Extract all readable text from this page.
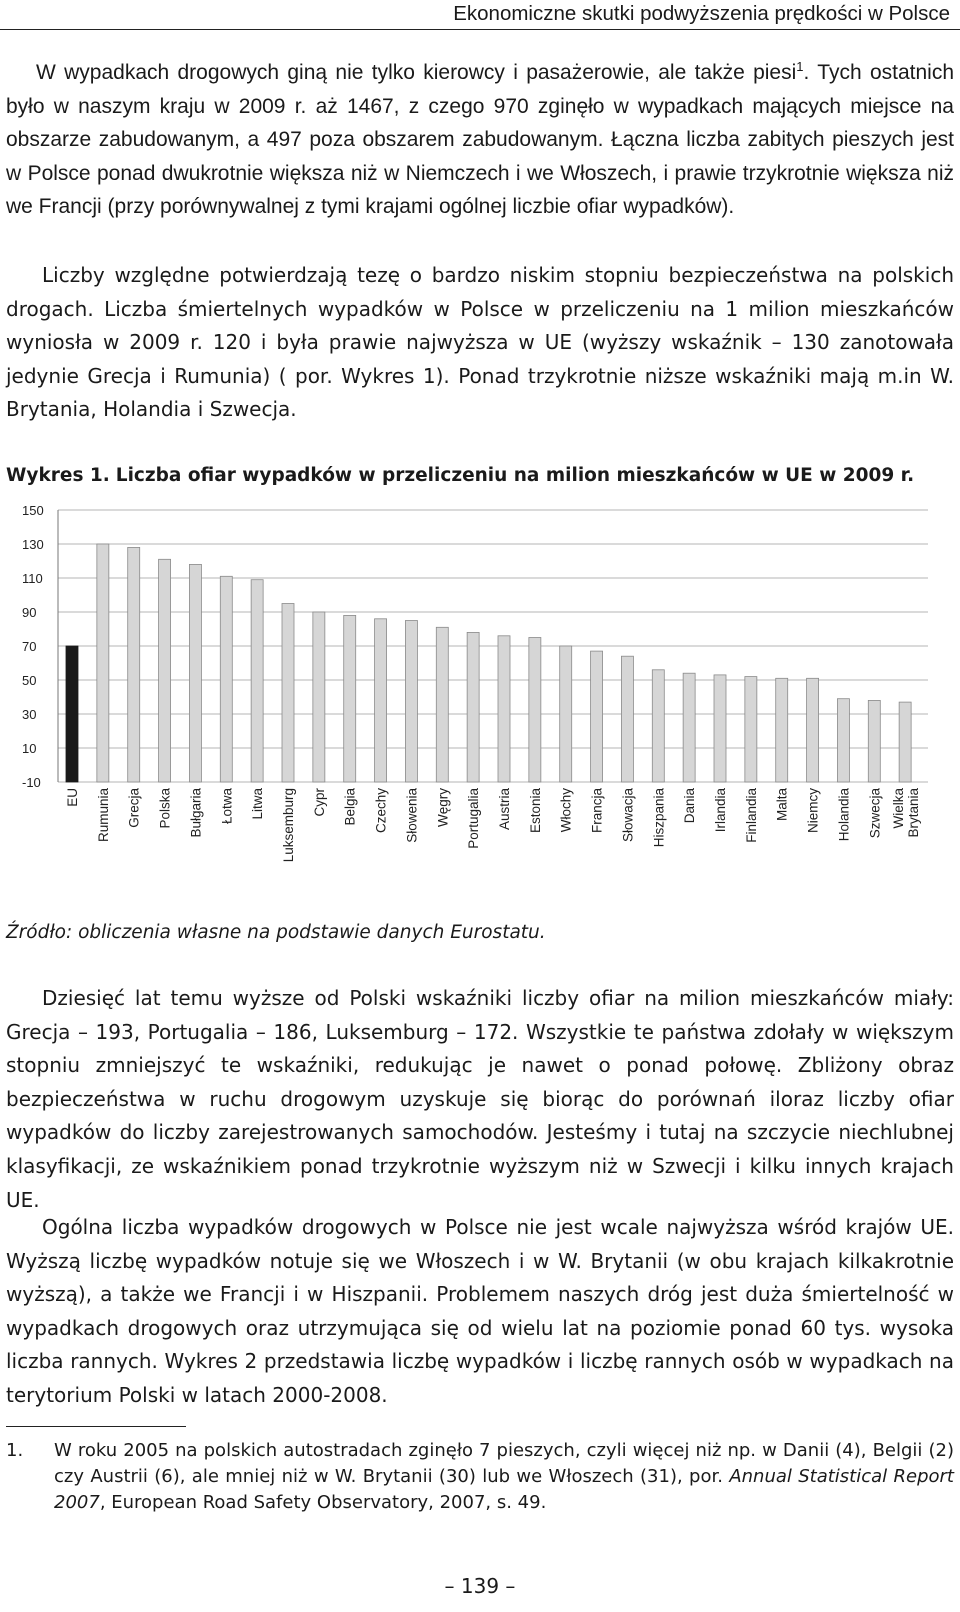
Ekonomiczne skutki podwyższenia prędkości w Polsce

W wypadkach drogowych giną nie tylko kierowcy i pasażerowie, ale także piesi$^1$. Tych ostatnich było w naszym kraju w 2009 r. aż 1467, z czego 970 zginęło w wypadkach mających miejsce na obszarze zabudowanym, a 497 poza obszarem zabudowanym. Łączna liczba zabitych pieszych jest w Polsce ponad dwukrotnie większa niż w Niemczech i we Włoszech, i prawie trzykrotnie większa niż we Francji (przy porównywalnej z tymi krajami ogólnej liczbie ofiar wypadków).

Liczby względne potwierdzają tezę o bardzo niskim stopniu bezpieczeństwa na polskich drogach. Liczba śmiertelnych wypadków w Polsce w przeliczeniu na 1 milion mieszkańców wyniosła w 2009 r. 120 i była prawie najwyższa w UE (wyższy wskaźnik – 130 zanotowała jedynie Grecja i Rumunia) ( por. Wykres 1). Ponad trzykrotnie niższe wskaźniki mają m.in W. Brytania, Holandia i Szwecja.

Wykres 1. Liczba ofiar wypadków w przeliczeniu na milion mieszkańców w UE w 2009 r.

150
130
110
90
70
50
30
10
-10
EU Rumunia Grecja Polska Bułgaria Łotwa Litwa Luksemburg Cypr Belgia Czechy Słowenia Węgry Portugalia Austria Estonia Włochy Francja Słowacja Hiszpania Dania Irlandia Finlandia Malta Niemcy Holandia Szwecja WielkaBrytania

Źródło: obliczenia własne na podstawie danych Eurostatu.

Dziesięć lat temu wyższe od Polski wskaźniki liczby ofiar na milion mieszkańców miały: Grecja – 193, Portugalia – 186, Luksemburg – 172. Wszystkie te państwa zdołały w większym stopniu zmniejszyć te wskaźniki, redukując je nawet o ponad połowę. Zbliżony obraz bezpieczeństwa w ruchu drogowym uzyskuje się biorąc do porównań iloraz liczby ofiar wypadków do liczby zarejestrowanych samochodów. Jesteśmy i tutaj na szczycie niechlubnej klasyfikacji, ze wskaźnikiem ponad trzykrotnie wyższym niż w Szwecji i kilku innych krajach UE.

Ogólna liczba wypadków drogowych w Polsce nie jest wcale najwyższa wśród krajów UE. Wyższą liczbę wypadków notuje się we Włoszech i w W. Brytanii (w obu krajach kilkakrotnie wyższą), a także we Francji i w Hiszpanii. Problemem naszych dróg jest duża śmiertelność w wypadkach drogowych oraz utrzymująca się od wielu lat na poziomie ponad 60 tys. wysoka liczba rannych. Wykres 2 przedstawia liczbę wypadków i liczbę rannych osób w wypadkach na terytorium Polski w latach 2000-2008.

1. W roku 2005 na polskich autostradach zginęło 7 pieszych, czyli więcej niż np. w Danii (4), Belgii (2) czy Austrii (6), ale mniej niż w W. Brytanii (30) lub we Włoszech (31), por. Annual Statistical Report 2007, European Road Safety Observatory, 2007, s. 49.

– 139 –
